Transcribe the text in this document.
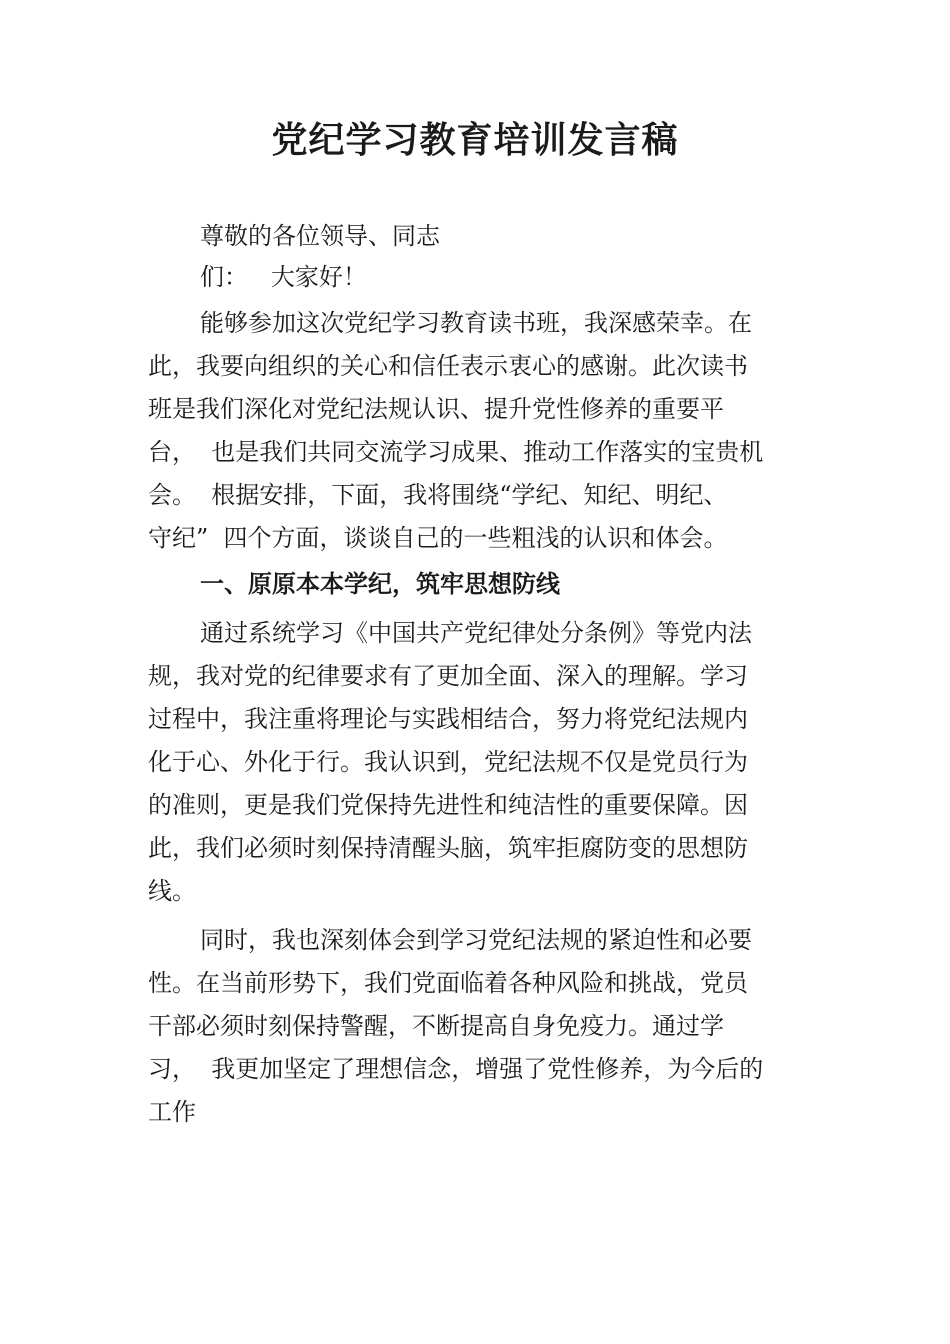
党纪学习教育培训发言稿

尊敬的各位领导、同志

们：   大家好！

能够参加这次党纪学习教育读书班，我深感荣幸。在

此，我要向组织的关心和信任表示衷心的感谢。此次读书

班是我们深化对党纪法规认识、提升党性修养的重要平

台，  也是我们共同交流学习成果、推动工作落实的宝贵机

会。  根据安排，下面，我将围绕“学纪、知纪、明纪、

守纪”  四个方面，谈谈自己的一些粗浅的认识和体会。

一、原原本本学纪，筑牢思想防线

通过系统学习《中国共产党纪律处分条例》等党内法

规，我对党的纪律要求有了更加全面、深入的理解。学习

过程中，我注重将理论与实践相结合，努力将党纪法规内

化于心、外化于行。我认识到，党纪法规不仅是党员行为

的准则，更是我们党保持先进性和纯洁性的重要保障。因

此，我们必须时刻保持清醒头脑，筑牢拒腐防变的思想防

线。

同时，我也深刻体会到学习党纪法规的紧迫性和必要

性。在当前形势下，我们党面临着各种风险和挑战，党员

干部必须时刻保持警醒，不断提高自身免疫力。通过学

习，  我更加坚定了理想信念，增强了党性修养，为今后的

工作
